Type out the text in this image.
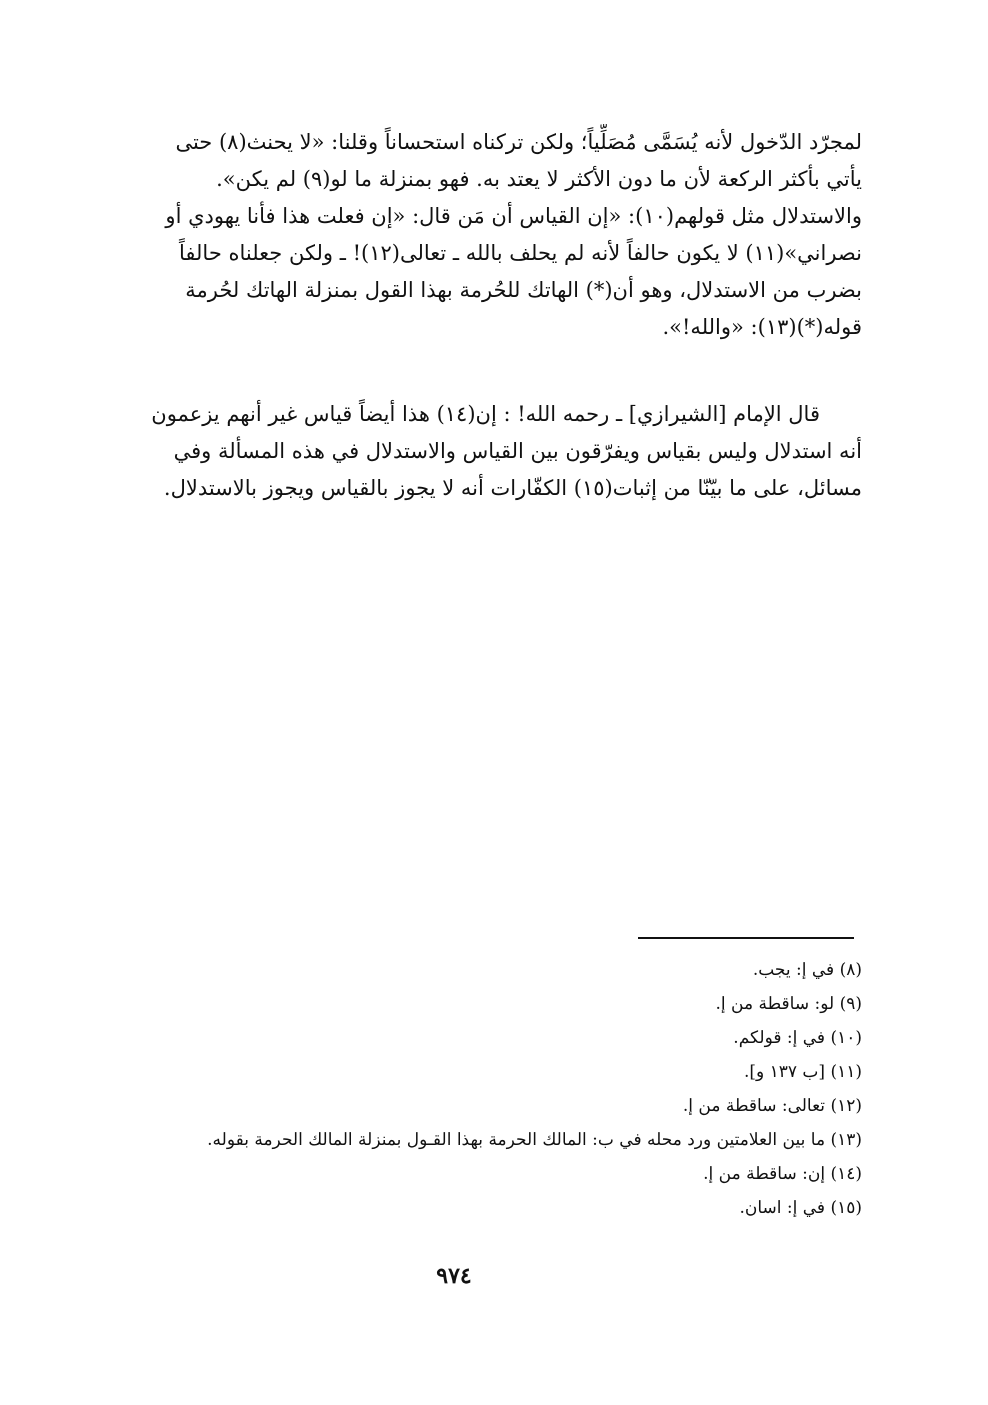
لمجرّد الدّخول لأنه يُسَمَّى مُصَلِّياً؛ ولكن تركناه استحساناً وقلنا: «لا يحنث(٨) حتى
يأتي بأكثر الركعة لأن ما دون الأكثر لا يعتد به. فهو بمنزلة ما لو(٩) لم يكن».
والاستدلال مثل قولهم(١٠): «إن القياس أن مَن قال: «إن فعلت هذا فأنا يهودي أو
نصراني»(١١) لا يكون حالفاً لأنه لم يحلف بالله ـ تعالى(١٢)! ـ ولكن جعلناه حالفاً
بضرب من الاستدلال، وهو أن(*) الهاتك للحُرمة بهذا القول بمنزلة الهاتك لحُرمة
قوله(*)(١٣): «والله!».
قال الإمام [الشيرازي] ـ رحمه الله! : إن(١٤) هذا أيضاً قياس غير أنهم يزعمون
أنه استدلال وليس بقياس ويفرّقون بين القياس والاستدلال في هذه المسألة وفي
مسائل، على ما بيّنّا من إثبات(١٥) الكفّارات أنه لا يجوز بالقياس ويجوز بالاستدلال.
(٨) في إ: يجب.
(٩) لو: ساقطة من إ.
(١٠) في إ: قولكم.
(١١) [ب ١٣٧ و].
(١٢) تعالى: ساقطة من إ.
(١٣) ما بين العلامتين ورد محله في ب: المالك الحرمة بهذا القـول بمنزلة المالك الحرمة بقوله.
(١٤) إن: ساقطة من إ.
(١٥) في إ: اسان.
٩٧٤
